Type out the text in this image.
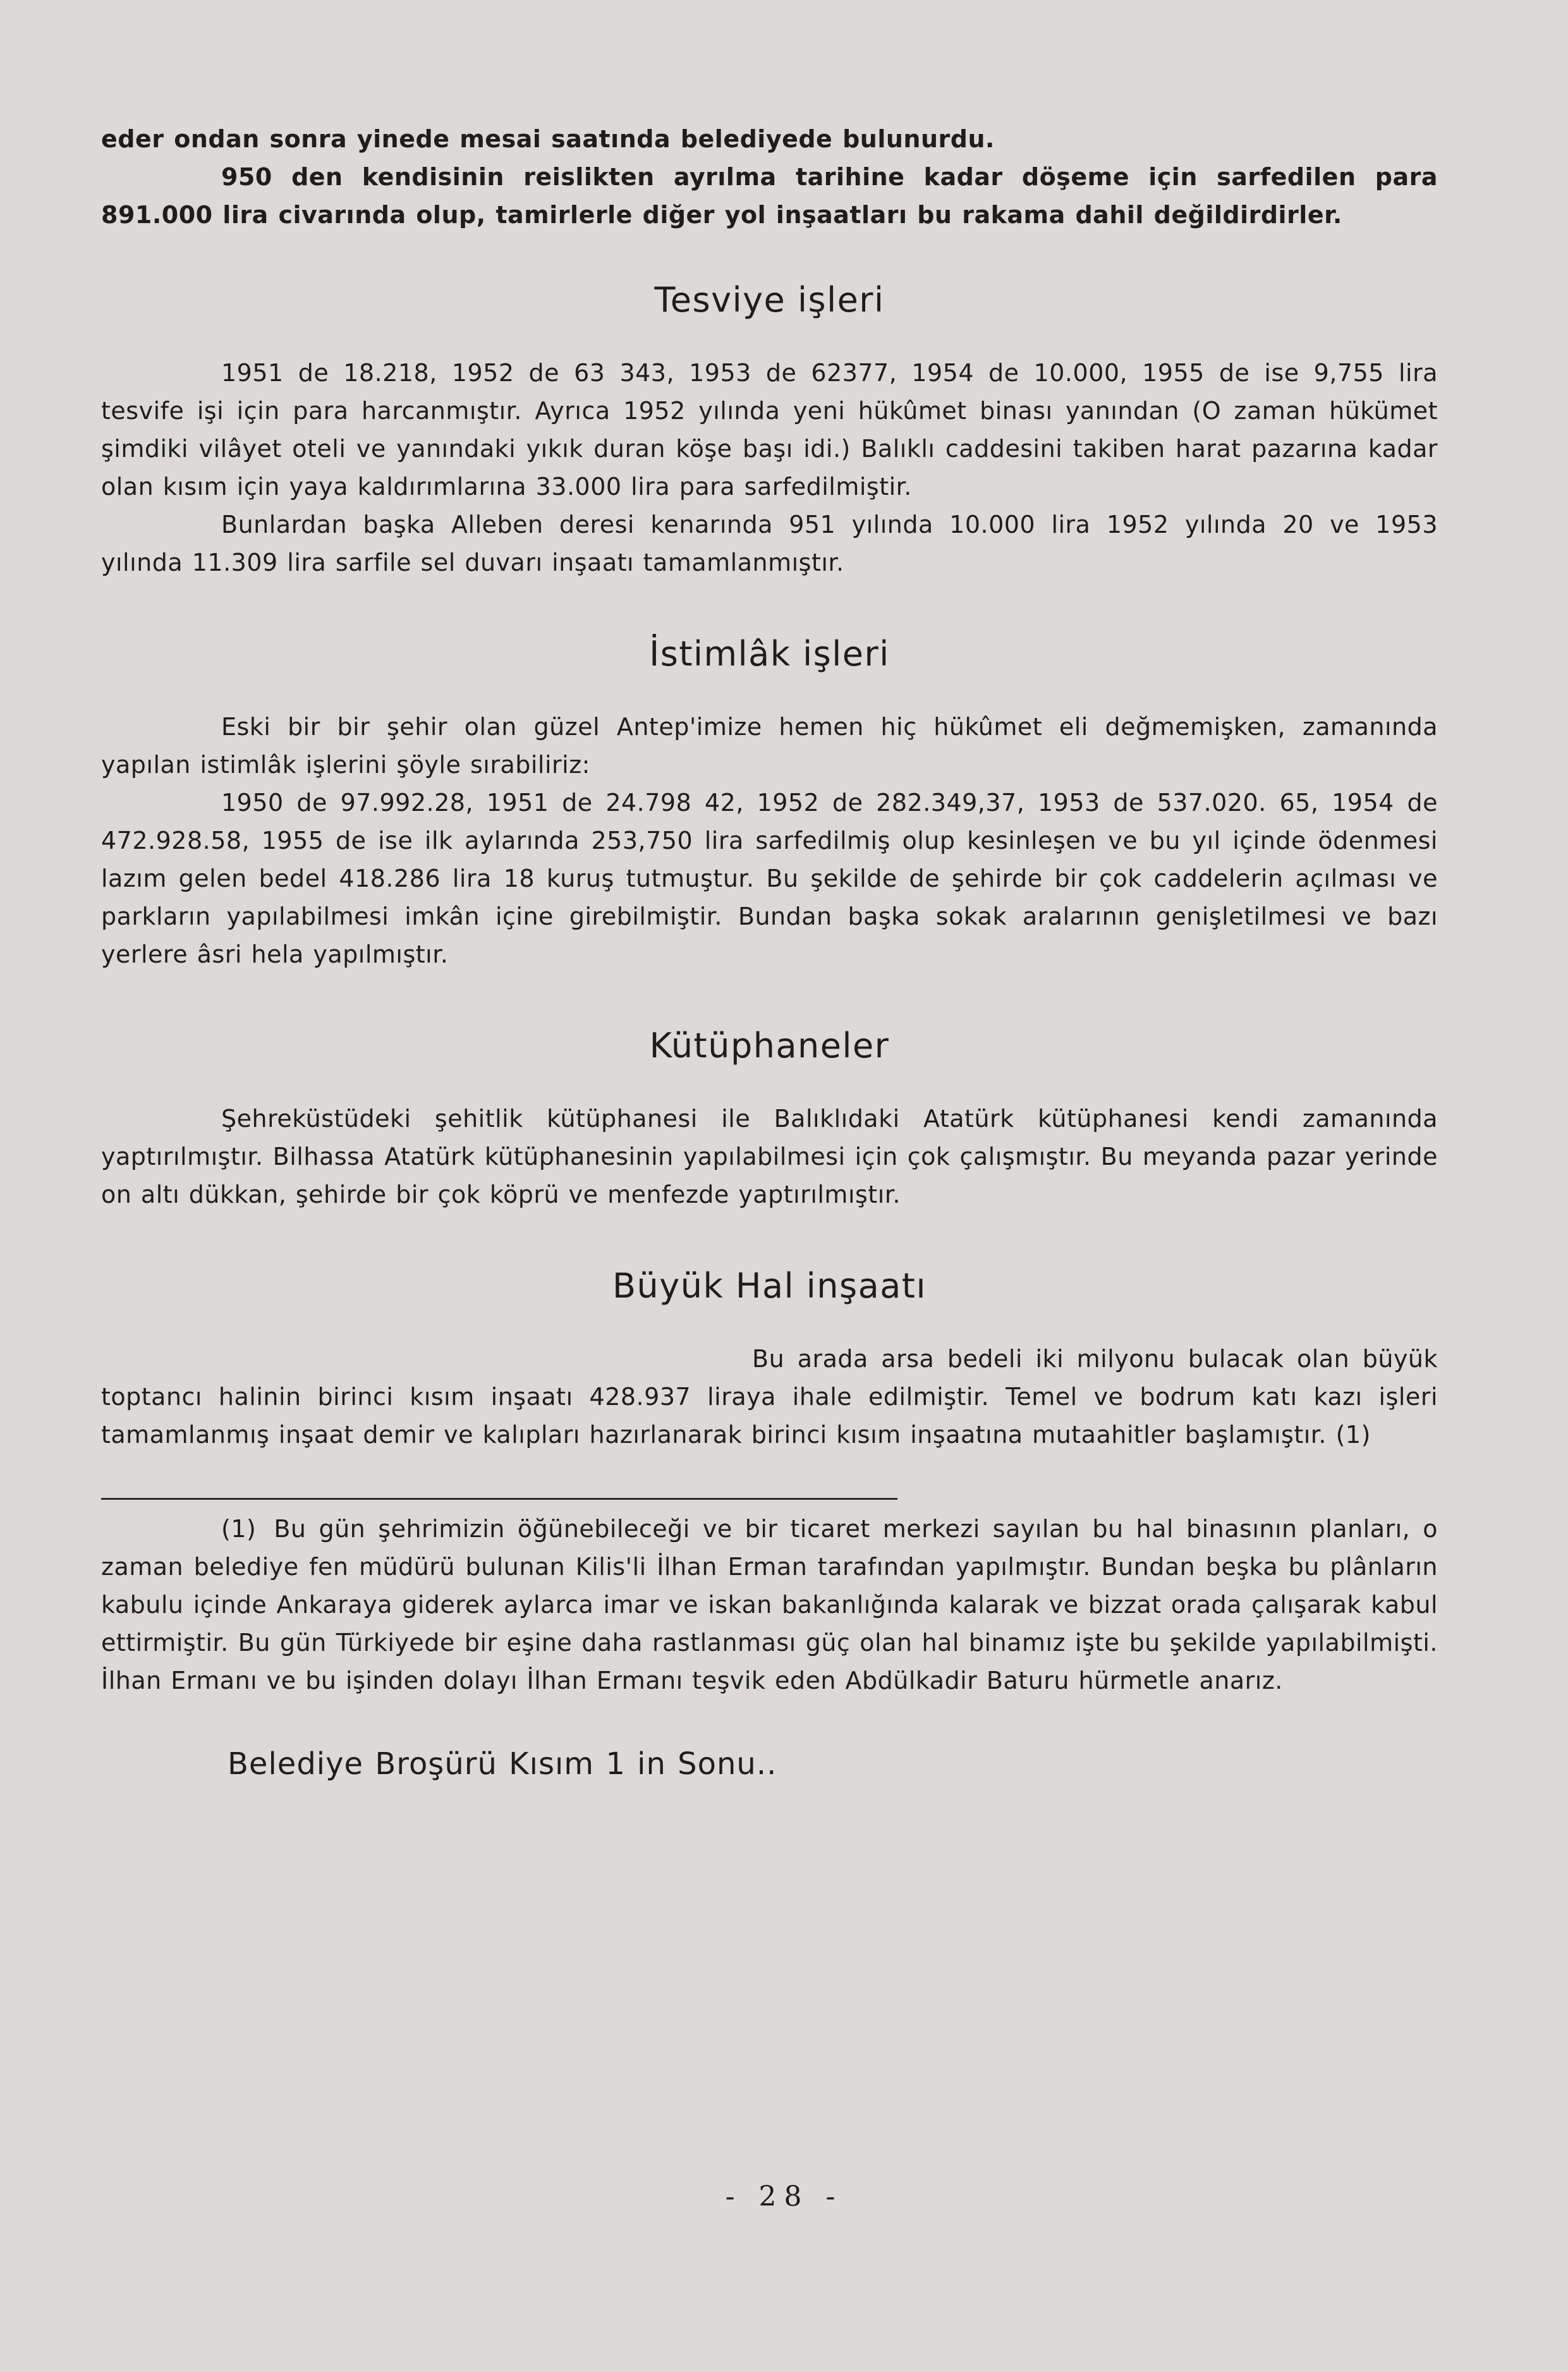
eder ondan sonra yinede mesai saatında belediyede bulunurdu.

950 den kendisinin reislikten ayrılma tarihine kadar döşeme için sarfedilen para 891.000 lira civarında olup, tamirlerle diğer yol inşaatları bu rakama dahil değildirdirler.

Tesviye işleri

1951 de 18.218, 1952 de 63 343, 1953 de 62377, 1954 de 10.000, 1955 de ise 9,755 lira tesvife işi için para harcanmıştır. Ayrıca 1952 yılında yeni hükûmet binası yanından (O zaman hükümet şimdiki vilâyet oteli ve yanındaki yıkık duran köşe başı idi.) Balıklı caddesini takiben harat pazarına kadar olan kısım için yaya kaldırımlarına 33.000 lira para sarfedilmiştir.

Bunlardan başka Alleben deresi kenarında 951 yılında 10.000 lira 1952 yılında 20 ve 1953 yılında 11.309 lira sarfile sel duvarı inşaatı tamamlanmıştır.

İstimlâk işleri

Eski bir bir şehir olan güzel Antep'imize hemen hiç hükûmet eli değmemişken, zamanında yapılan istimlâk işlerini şöyle sırabiliriz:

1950 de 97.992.28, 1951 de 24.798 42, 1952 de 282.349,37, 1953 de 537.020. 65, 1954 de 472.928.58, 1955 de ise ilk aylarında 253,750 lira sarfedilmiş olup kesinleşen ve bu yıl içinde ödenmesi lazım gelen bedel 418.286 lira 18 kuruş tutmuştur. Bu şekilde de şehirde bir çok caddelerin açılması ve parkların yapılabilmesi imkân içine girebilmiştir. Bundan başka sokak aralarının genişletilmesi ve bazı yerlere âsri hela yapılmıştır.

Kütüphaneler

Şehreküstüdeki şehitlik kütüphanesi ile Balıklıdaki Atatürk kütüphanesi kendi zamanında yaptırılmıştır. Bilhassa Atatürk kütüphanesinin yapılabilmesi için çok çalışmıştır. Bu meyanda pazar yerinde on altı dükkan, şehirde bir çok köprü ve menfezde yaptırılmıştır.

Büyük Hal inşaatı

Bu arada arsa bedeli iki milyonu bulacak olan büyük toptancı halinin birinci kısım inşaatı 428.937 liraya ihale edilmiştir. Temel ve bodrum katı kazı işleri tamamlanmış inşaat demir ve kalıpları hazırlanarak birinci kısım inşaatına mutaahitler başlamıştır. (1)

(1) Bu gün şehrimizin öğünebileceği ve bir ticaret merkezi sayılan bu hal binasının planları, o zaman belediye fen müdürü bulunan Kilis'li İlhan Erman tarafından yapılmıştır. Bundan beşka bu plânların kabulu içinde Ankaraya giderek aylarca imar ve iskan bakanlığında kalarak ve bizzat orada çalışarak kabul ettirmiştir. Bu gün Türkiyede bir eşine daha rastlanması güç olan hal binamız işte bu şekilde yapılabilmişti. İlhan Ermanı ve bu işinden dolayı İlhan Ermanı teşvik eden Abdülkadir Baturu hürmetle anarız.

Belediye Broşürü Kısım 1 in Sonu..

- 28 -
